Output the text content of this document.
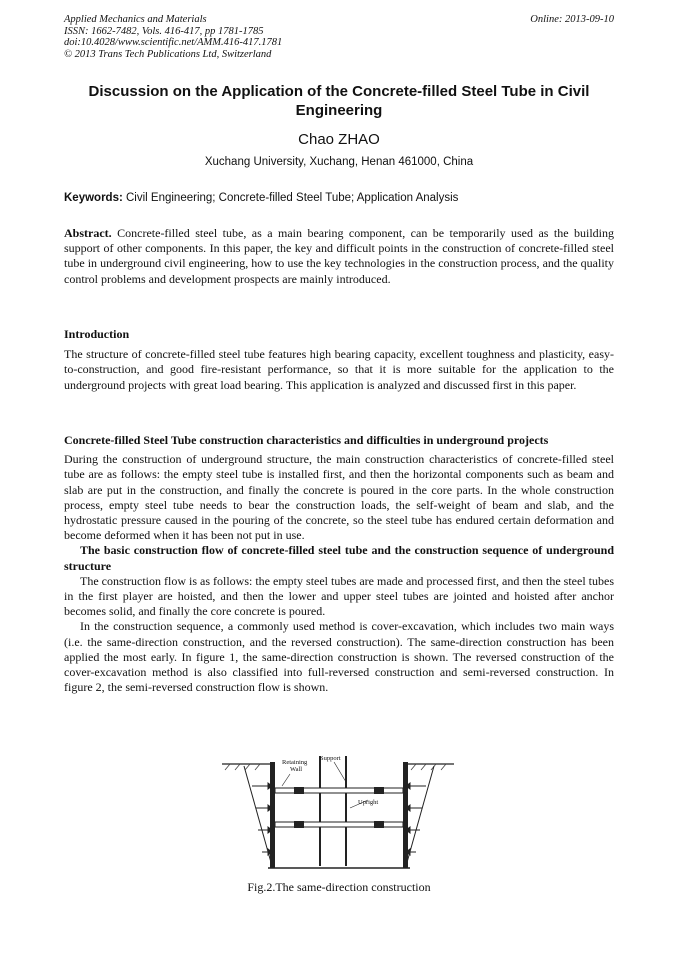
Applied Mechanics and Materials
ISSN: 1662-7482, Vols. 416-417, pp 1781-1785
doi:10.4028/www.scientific.net/AMM.416-417.1781
© 2013 Trans Tech Publications Ltd, Switzerland
Online: 2013-09-10
Discussion on the Application of the Concrete-filled Steel Tube in Civil Engineering
Chao ZHAO
Xuchang University, Xuchang, Henan 461000, China
Keywords: Civil Engineering; Concrete-filled Steel Tube; Application Analysis

Abstract. Concrete-filled steel tube, as a main bearing component, can be temporarily used as the building support of other components. In this paper, the key and difficult points in the construction of concrete-filled steel tube in underground civil engineering, how to use the key technologies in the construction process, and the quality control problems and development prospects are mainly introduced.

Introduction

The structure of concrete-filled steel tube features high bearing capacity, excellent toughness and plasticity, easy-to-construction, and good fire-resistant performance, so that it is more suitable for the application to the underground projects with great load bearing. This application is analyzed and discussed first in this paper.

Concrete-filled Steel Tube construction characteristics and difficulties in underground projects

During the construction of underground structure, the main construction characteristics of concrete-filled steel tube are as follows: the empty steel tube is installed first, and then the horizontal components such as beam and slab are put in the construction, and finally the concrete is poured in the core parts. In the whole construction process, empty steel tube needs to bear the construction loads, the self-weight of beam and slab, and the hydrostatic pressure caused in the pouring of the concrete, so the steel tube has endured certain deformation and become deformed when it has been not put in use.

The basic construction flow of concrete-filled steel tube and the construction sequence of underground structure

The construction flow is as follows: the empty steel tubes are made and processed first, and then the steel tubes in the first player are hoisted, and then the lower and upper steel tubes are jointed and hoisted after anchor becomes solid, and finally the core concrete is poured.

In the construction sequence, a commonly used method is cover-excavation, which includes two main ways (i.e. the same-direction construction, and the reversed construction). The same-direction construction has been applied the most early. In figure 1, the same-direction construction is shown. The reversed construction of the cover-excavation method is also classified into full-reversed construction and semi-reversed construction. In figure 2, the semi-reversed construction flow is shown.

Retaining
Wall
Support
Upright
Fig.2.The same-direction construction
